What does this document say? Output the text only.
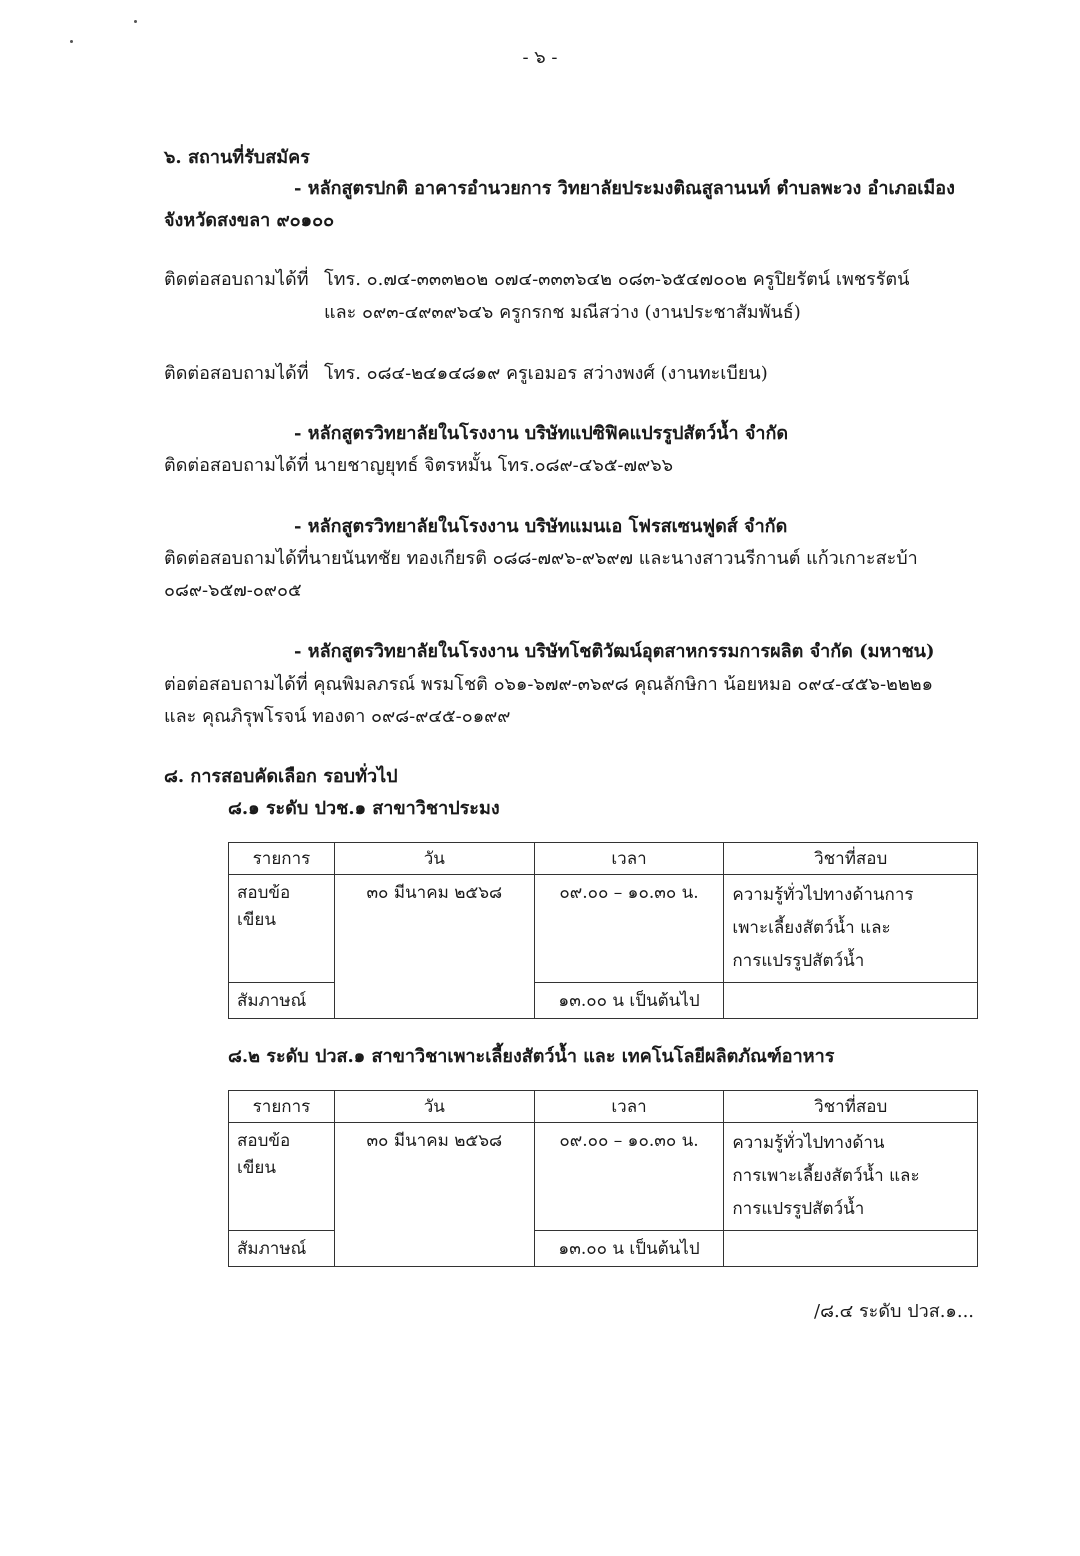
- ๖ -
๖. สถานที่รับสมัคร
- หลักสูตรปกติ อาคารอำนวยการ วิทยาลัยประมงติณสูลานนท์ ตำบลพะวง อำเภอเมือง
จังหวัดสงขลา ๙๐๑๐๐
ติดต่อสอบถามได้ที่ โทร. ๐.๗๔-๓๓๓๒๐๒ ๐๗๔-๓๓๓๖๔๒ ๐๘๓-๖๕๔๗๐๐๒ ครูปิยรัตน์ เพชรรัตน์
และ ๐๙๓-๔๙๓๙๖๔๖ ครูกรกช มณีสว่าง (งานประชาสัมพันธ์)
ติดต่อสอบถามได้ที่ โทร. ๐๘๔-๒๔๑๔๘๑๙ ครูเอมอร สว่างพงศ์ (งานทะเบียน)
- หลักสูตรวิทยาลัยในโรงงาน บริษัทแปซิฟิคแปรรูปสัตว์น้ำ จำกัด
ติดต่อสอบถามได้ที่ นายชาญยุทธ์ จิตรหมั้น โทร.๐๘๙-๔๖๕-๗๙๖๖
- หลักสูตรวิทยาลัยในโรงงาน บริษัทแมนเอ โฟรสเซนฟูดส์ จำกัด
ติดต่อสอบถามได้ที่นายนันทชัย ทองเกียรติ ๐๘๘-๗๙๖-๙๖๙๗ และนางสาวนรีกานต์ แก้วเกาะสะบ้า
๐๘๙-๖๕๗-๐๙๐๕
- หลักสูตรวิทยาลัยในโรงงาน บริษัทโชติวัฒน์อุตสาหกรรมการผลิต จำกัด (มหาชน)
ต่อต่อสอบถามได้ที่ คุณพิมลภรณ์ พรมโชติ ๐๖๑-๖๗๙-๓๖๙๘ คุณลักษิกา น้อยหมอ ๐๙๔-๔๕๖-๒๒๒๑
และ คุณภิรุพโรจน์ ทองดา ๐๙๘-๙๔๕-๐๑๙๙
๘. การสอบคัดเลือก รอบทั่วไป
๘.๑ ระดับ ปวช.๑ สาขาวิชาประมง
รายการ	วัน	เวลา	วิชาที่สอบ
สอบข้อเขียน	๓๐ มีนาคม ๒๕๖๘	๐๙.๐๐ – ๑๐.๓๐ น.	ความรู้ทั่วไปทางด้านการ
เพาะเลี้ยงสัตว์น้ำ และ
การแปรรูปสัตว์น้ำ
สัมภาษณ์		๑๓.๐๐ น เป็นต้นไป	
๘.๒ ระดับ ปวส.๑ สาขาวิชาเพาะเลี้ยงสัตว์น้ำ และ เทคโนโลยีผลิตภัณฑ์อาหาร
รายการ	วัน	เวลา	วิชาที่สอบ
สอบข้อเขียน	๓๐ มีนาคม ๒๕๖๘	๐๙.๐๐ – ๑๐.๓๐ น.	ความรู้ทั่วไปทางด้าน
การเพาะเลี้ยงสัตว์น้ำ และ
การแปรรูปสัตว์น้ำ
สัมภาษณ์		๑๓.๐๐ น เป็นต้นไป	
/๘.๔ ระดับ ปวส.๑...
